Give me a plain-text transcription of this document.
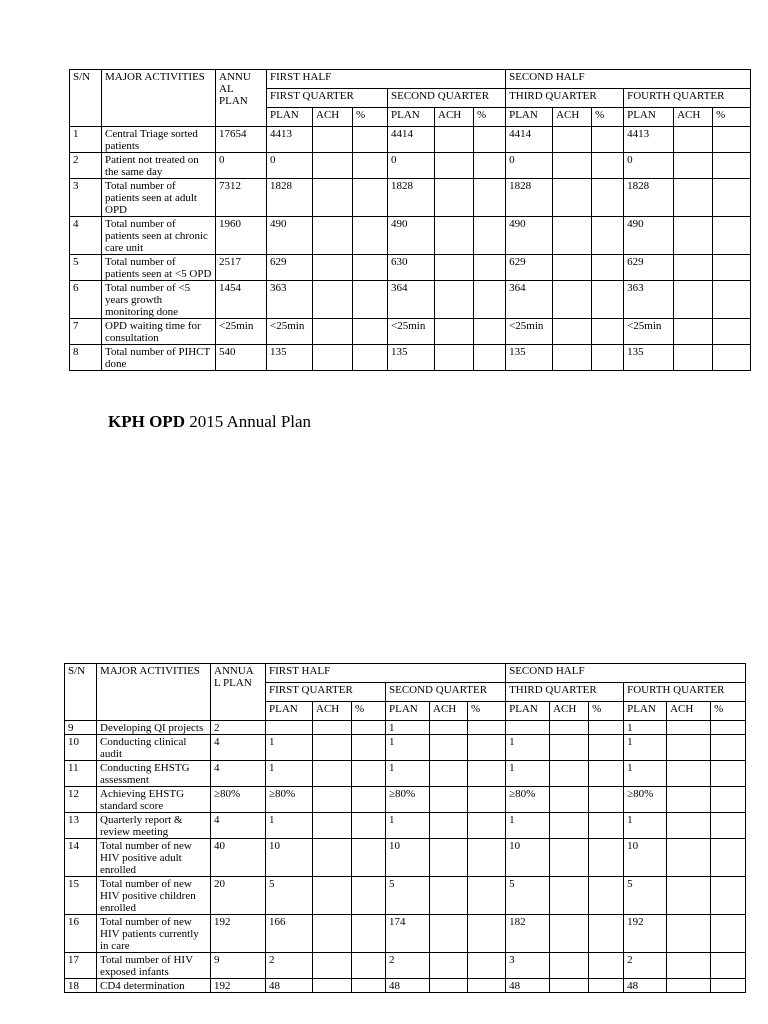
S/N	MAJOR ACTIVITIES	ANNU AL PLAN	FIRST HALF						SECOND HALF					
			FIRST QUARTER			SECOND QUARTER			THIRD QUARTER			FOURTH QUARTER		
			PLAN	ACH	%	PLAN	ACH	%	PLAN	ACH	%	PLAN	ACH	%
1	Central Triage sorted patients	17654	4413			4414			4414			4413		
2	Patient not treated on the same day	0	0			0			0			0		
3	Total number of patients seen at adult OPD	7312	1828			1828			1828			1828		
4	Total number of patients seen at chronic care unit	1960	490			490			490			490		
5	Total number of patients seen at <5 OPD	2517	629			630			629			629		
6	Total number of <5 years growth monitoring done	1454	363			364			364			363		
7	OPD waiting time for consultation	<25min	<25min			<25min			<25min			<25min		
8	Total number of PIHCT done	540	135			135			135			135		
KPH OPD 2015 Annual Plan
S/N	MAJOR ACTIVITIES	ANNUA L PLAN	FIRST HALF						SECOND HALF					
			FIRST QUARTER			SECOND QUARTER			THIRD QUARTER			FOURTH QUARTER		
			PLAN	ACH	%	PLAN	ACH	%	PLAN	ACH	%	PLAN	ACH	%
9	Developing QI projects	2				1						1		
10	Conducting clinical audit	4	1			1			1			1		
11	Conducting EHSTG assessment	4	1			1			1			1		
12	Achieving EHSTG standard score	≥80%	≥80%			≥80%			≥80%			≥80%		
13	Quarterly report & review meeting	4	1			1			1			1		
14	Total number of new HIV positive adult enrolled	40	10			10			10			10		
15	Total number of new HIV positive children enrolled	20	5			5			5			5		
16	Total number of new HIV patients currently in care	192	166			174			182			192		
17	Total number of HIV exposed infants	9	2			2			3			2		
18	CD4 determination	192	48			48			48			48		
